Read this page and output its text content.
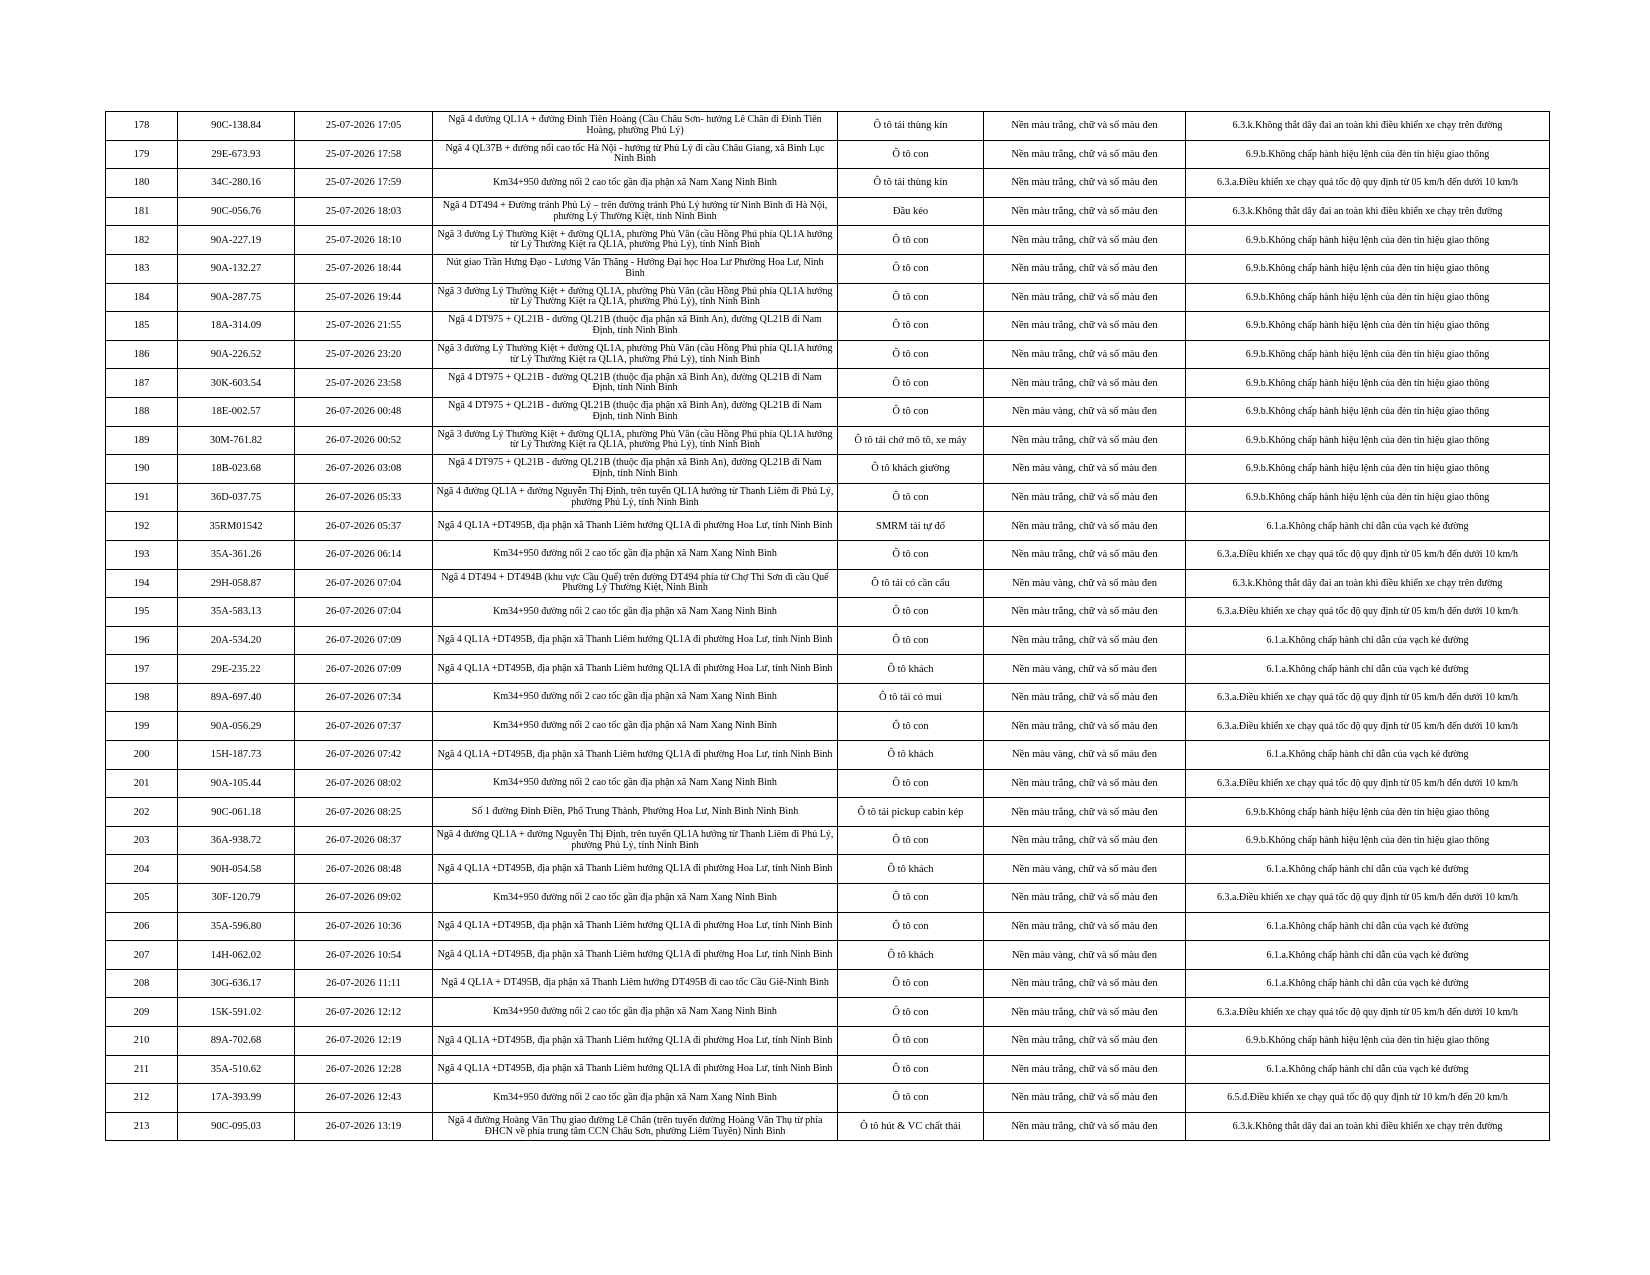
178	90C-138.84	25-07-2026 17:05	Ngã 4 đường QL1A + đường Đinh Tiên Hoàng (Cầu Châu Sơn- hướng Lê Chân đi Đinh Tiên Hoàng, phường Phủ Lý)	Ô tô tải thùng kín	Nền màu trắng, chữ và số màu đen	6.3.k.Không thắt dây đai an toàn khi điều khiển xe chạy trên đường
179	29E-673.93	25-07-2026 17:58	Ngã 4 QL37B + đường nối cao tốc Hà Nội - hướng từ Phủ Lý đi cầu Châu Giang, xã Bình Lục Ninh Bình	Ô tô con	Nền màu trắng, chữ và số màu đen	6.9.b.Không chấp hành hiệu lệnh của đèn tín hiệu giao thông
180	34C-280.16	25-07-2026 17:59	Km34+950 đường nối 2 cao tốc gần địa phận xã Nam Xang Ninh Bình	Ô tô tải thùng kín	Nền màu trắng, chữ và số màu đen	6.3.a.Điều khiển xe chạy quá tốc độ quy định từ 05 km/h đến dưới 10 km/h
181	90C-056.76	25-07-2026 18:03	Ngã 4 DT494 + Đường tránh Phủ Lý – trên đường tránh Phủ Lý hướng từ Ninh Bình đi Hà Nội, phường Lý Thường Kiệt, tỉnh Ninh Bình	Đầu kéo	Nền màu trắng, chữ và số màu đen	6.3.k.Không thắt dây đai an toàn khi điều khiển xe chạy trên đường
182	90A-227.19	25-07-2026 18:10	Ngã 3 đường Lý Thường Kiệt + đường QL1A, phường Phù Vân (cầu Hồng Phú phía QL1A hướng từ Lý Thường Kiệt ra QL1A, phường Phủ Lý), tỉnh Ninh Bình	Ô tô con	Nền màu trắng, chữ và số màu đen	6.9.b.Không chấp hành hiệu lệnh của đèn tín hiệu giao thông
183	90A-132.27	25-07-2026 18:44	Nút giao Trần Hưng Đạo - Lương Văn Thăng - Hướng Đại học Hoa Lư Phường Hoa Lư, Ninh Bình	Ô tô con	Nền màu trắng, chữ và số màu đen	6.9.b.Không chấp hành hiệu lệnh của đèn tín hiệu giao thông
184	90A-287.75	25-07-2026 19:44	Ngã 3 đường Lý Thường Kiệt + đường QL1A, phường Phù Vân (cầu Hồng Phú phía QL1A hướng từ Lý Thường Kiệt ra QL1A, phường Phủ Lý), tỉnh Ninh Bình	Ô tô con	Nền màu trắng, chữ và số màu đen	6.9.b.Không chấp hành hiệu lệnh của đèn tín hiệu giao thông
185	18A-314.09	25-07-2026 21:55	Ngã 4 DT975 + QL21B - đường QL21B (thuộc địa phận xã Bình An), đường QL21B đi Nam Định, tỉnh Ninh Bình	Ô tô con	Nền màu trắng, chữ và số màu đen	6.9.b.Không chấp hành hiệu lệnh của đèn tín hiệu giao thông
186	90A-226.52	25-07-2026 23:20	Ngã 3 đường Lý Thường Kiệt + đường QL1A, phường Phù Vân (cầu Hồng Phú phía QL1A hướng từ Lý Thường Kiệt ra QL1A, phường Phủ Lý), tỉnh Ninh Bình	Ô tô con	Nền màu trắng, chữ và số màu đen	6.9.b.Không chấp hành hiệu lệnh của đèn tín hiệu giao thông
187	30K-603.54	25-07-2026 23:58	Ngã 4 DT975 + QL21B - đường QL21B (thuộc địa phận xã Bình An), đường QL21B đi Nam Định, tỉnh Ninh Bình	Ô tô con	Nền màu trắng, chữ và số màu đen	6.9.b.Không chấp hành hiệu lệnh của đèn tín hiệu giao thông
188	18E-002.57	26-07-2026 00:48	Ngã 4 DT975 + QL21B - đường QL21B (thuộc địa phận xã Bình An), đường QL21B đi Nam Định, tỉnh Ninh Bình	Ô tô con	Nền màu vàng, chữ và số màu đen	6.9.b.Không chấp hành hiệu lệnh của đèn tín hiệu giao thông
189	30M-761.82	26-07-2026 00:52	Ngã 3 đường Lý Thường Kiệt + đường QL1A, phường Phù Vân (cầu Hồng Phú phía QL1A hướng từ Lý Thường Kiệt ra QL1A, phường Phủ Lý), tỉnh Ninh Bình	Ô tô tải chở mô tô, xe máy	Nền màu trắng, chữ và số màu đen	6.9.b.Không chấp hành hiệu lệnh của đèn tín hiệu giao thông
190	18B-023.68	26-07-2026 03:08	Ngã 4 DT975 + QL21B - đường QL21B (thuộc địa phận xã Bình An), đường QL21B đi Nam Định, tỉnh Ninh Bình	Ô tô khách giường	Nền màu vàng, chữ và số màu đen	6.9.b.Không chấp hành hiệu lệnh của đèn tín hiệu giao thông
191	36D-037.75	26-07-2026 05:33	Ngã 4 đường QL1A + đường Nguyễn Thị Định, trên tuyến QL1A hướng từ Thanh Liêm đi Phủ Lý, phường Phủ Lý, tỉnh Ninh Bình	Ô tô con	Nền màu trắng, chữ và số màu đen	6.9.b.Không chấp hành hiệu lệnh của đèn tín hiệu giao thông
192	35RM01542	26-07-2026 05:37	Ngã 4 QL1A +DT495B, địa phận xã Thanh Liêm hướng QL1A đi phường Hoa Lư, tỉnh Ninh Bình	SMRM tải tự đổ	Nền màu trắng, chữ và số màu đen	6.1.a.Không chấp hành chỉ dẫn của vạch kẻ đường
193	35A-361.26	26-07-2026 06:14	Km34+950 đường nối 2 cao tốc gần địa phận xã Nam Xang Ninh Bình	Ô tô con	Nền màu trắng, chữ và số màu đen	6.3.a.Điều khiển xe chạy quá tốc độ quy định từ 05 km/h đến dưới 10 km/h
194	29H-058.87	26-07-2026 07:04	Ngã 4 DT494 + DT494B (khu vực Cầu Quế) trên đường DT494 phía từ Chợ Thi Sơn đi cầu Quế Phường Lý Thường Kiệt, Ninh Bình	Ô tô tải có cần cẩu	Nền màu vàng, chữ và số màu đen	6.3.k.Không thắt dây đai an toàn khi điều khiển xe chạy trên đường
195	35A-583.13	26-07-2026 07:04	Km34+950 đường nối 2 cao tốc gần địa phận xã Nam Xang Ninh Bình	Ô tô con	Nền màu trắng, chữ và số màu đen	6.3.a.Điều khiển xe chạy quá tốc độ quy định từ 05 km/h đến dưới 10 km/h
196	20A-534.20	26-07-2026 07:09	Ngã 4 QL1A +DT495B, địa phận xã Thanh Liêm hướng QL1A đi phường Hoa Lư, tỉnh Ninh Bình	Ô tô con	Nền màu trắng, chữ và số màu đen	6.1.a.Không chấp hành chỉ dẫn của vạch kẻ đường
197	29E-235.22	26-07-2026 07:09	Ngã 4 QL1A +DT495B, địa phận xã Thanh Liêm hướng QL1A đi phường Hoa Lư, tỉnh Ninh Bình	Ô tô khách	Nền màu vàng, chữ và số màu đen	6.1.a.Không chấp hành chỉ dẫn của vạch kẻ đường
198	89A-697.40	26-07-2026 07:34	Km34+950 đường nối 2 cao tốc gần địa phận xã Nam Xang Ninh Bình	Ô tô tải có mui	Nền màu trắng, chữ và số màu đen	6.3.a.Điều khiển xe chạy quá tốc độ quy định từ 05 km/h đến dưới 10 km/h
199	90A-056.29	26-07-2026 07:37	Km34+950 đường nối 2 cao tốc gần địa phận xã Nam Xang Ninh Bình	Ô tô con	Nền màu trắng, chữ và số màu đen	6.3.a.Điều khiển xe chạy quá tốc độ quy định từ 05 km/h đến dưới 10 km/h
200	15H-187.73	26-07-2026 07:42	Ngã 4 QL1A +DT495B, địa phận xã Thanh Liêm hướng QL1A đi phường Hoa Lư, tỉnh Ninh Bình	Ô tô khách	Nền màu vàng, chữ và số màu đen	6.1.a.Không chấp hành chỉ dẫn của vạch kẻ đường
201	90A-105.44	26-07-2026 08:02	Km34+950 đường nối 2 cao tốc gần địa phận xã Nam Xang Ninh Bình	Ô tô con	Nền màu trắng, chữ và số màu đen	6.3.a.Điều khiển xe chạy quá tốc độ quy định từ 05 km/h đến dưới 10 km/h
202	90C-061.18	26-07-2026 08:25	Số 1 đường Đinh Điền, Phố Trung Thành, Phường Hoa Lư, Ninh Bình Ninh Bình	Ô tô tải pickup cabin kép	Nền màu trắng, chữ và số màu đen	6.9.b.Không chấp hành hiệu lệnh của đèn tín hiệu giao thông
203	36A-938.72	26-07-2026 08:37	Ngã 4 đường QL1A + đường Nguyễn Thị Định, trên tuyến QL1A hướng từ Thanh Liêm đi Phủ Lý, phường Phủ Lý, tỉnh Ninh Bình	Ô tô con	Nền màu trắng, chữ và số màu đen	6.9.b.Không chấp hành hiệu lệnh của đèn tín hiệu giao thông
204	90H-054.58	26-07-2026 08:48	Ngã 4 QL1A +DT495B, địa phận xã Thanh Liêm hướng QL1A đi phường Hoa Lư, tỉnh Ninh Bình	Ô tô khách	Nền màu vàng, chữ và số màu đen	6.1.a.Không chấp hành chỉ dẫn của vạch kẻ đường
205	30F-120.79	26-07-2026 09:02	Km34+950 đường nối 2 cao tốc gần địa phận xã Nam Xang Ninh Bình	Ô tô con	Nền màu trắng, chữ và số màu đen	6.3.a.Điều khiển xe chạy quá tốc độ quy định từ 05 km/h đến dưới 10 km/h
206	35A-596.80	26-07-2026 10:36	Ngã 4 QL1A +DT495B, địa phận xã Thanh Liêm hướng QL1A đi phường Hoa Lư, tỉnh Ninh Bình	Ô tô con	Nền màu trắng, chữ và số màu đen	6.1.a.Không chấp hành chỉ dẫn của vạch kẻ đường
207	14H-062.02	26-07-2026 10:54	Ngã 4 QL1A +DT495B, địa phận xã Thanh Liêm hướng QL1A đi phường Hoa Lư, tỉnh Ninh Bình	Ô tô khách	Nền màu vàng, chữ và số màu đen	6.1.a.Không chấp hành chỉ dẫn của vạch kẻ đường
208	30G-636.17	26-07-2026 11:11	Ngã 4 QL1A + DT495B, địa phận xã Thanh Liêm hướng DT495B đi cao tốc Cầu Giẽ-Ninh Bình	Ô tô con	Nền màu trắng, chữ và số màu đen	6.1.a.Không chấp hành chỉ dẫn của vạch kẻ đường
209	15K-591.02	26-07-2026 12:12	Km34+950 đường nối 2 cao tốc gần địa phận xã Nam Xang Ninh Bình	Ô tô con	Nền màu trắng, chữ và số màu đen	6.3.a.Điều khiển xe chạy quá tốc độ quy định từ 05 km/h đến dưới 10 km/h
210	89A-702.68	26-07-2026 12:19	Ngã 4 QL1A +DT495B, địa phận xã Thanh Liêm hướng QL1A đi phường Hoa Lư, tỉnh Ninh Bình	Ô tô con	Nền màu trắng, chữ và số màu đen	6.9.b.Không chấp hành hiệu lệnh của đèn tín hiệu giao thông
211	35A-510.62	26-07-2026 12:28	Ngã 4 QL1A +DT495B, địa phận xã Thanh Liêm hướng QL1A đi phường Hoa Lư, tỉnh Ninh Bình	Ô tô con	Nền màu trắng, chữ và số màu đen	6.1.a.Không chấp hành chỉ dẫn của vạch kẻ đường
212	17A-393.99	26-07-2026 12:43	Km34+950 đường nối 2 cao tốc gần địa phận xã Nam Xang Ninh Bình	Ô tô con	Nền màu trắng, chữ và số màu đen	6.5.đ.Điều khiển xe chạy quá tốc độ quy định từ 10 km/h đến 20 km/h
213	90C-095.03	26-07-2026 13:19	Ngã 4 đường Hoàng Văn Thụ giao đường Lê Chân (trên tuyến đường Hoàng Văn Thụ từ phía ĐHCN về phía trung tâm CCN Châu Sơn, phường Liêm Tuyền) Ninh Bình	Ô tô hút & VC chất thải	Nền màu trắng, chữ và số màu đen	6.3.k.Không thắt dây đai an toàn khi điều khiển xe chạy trên đường
